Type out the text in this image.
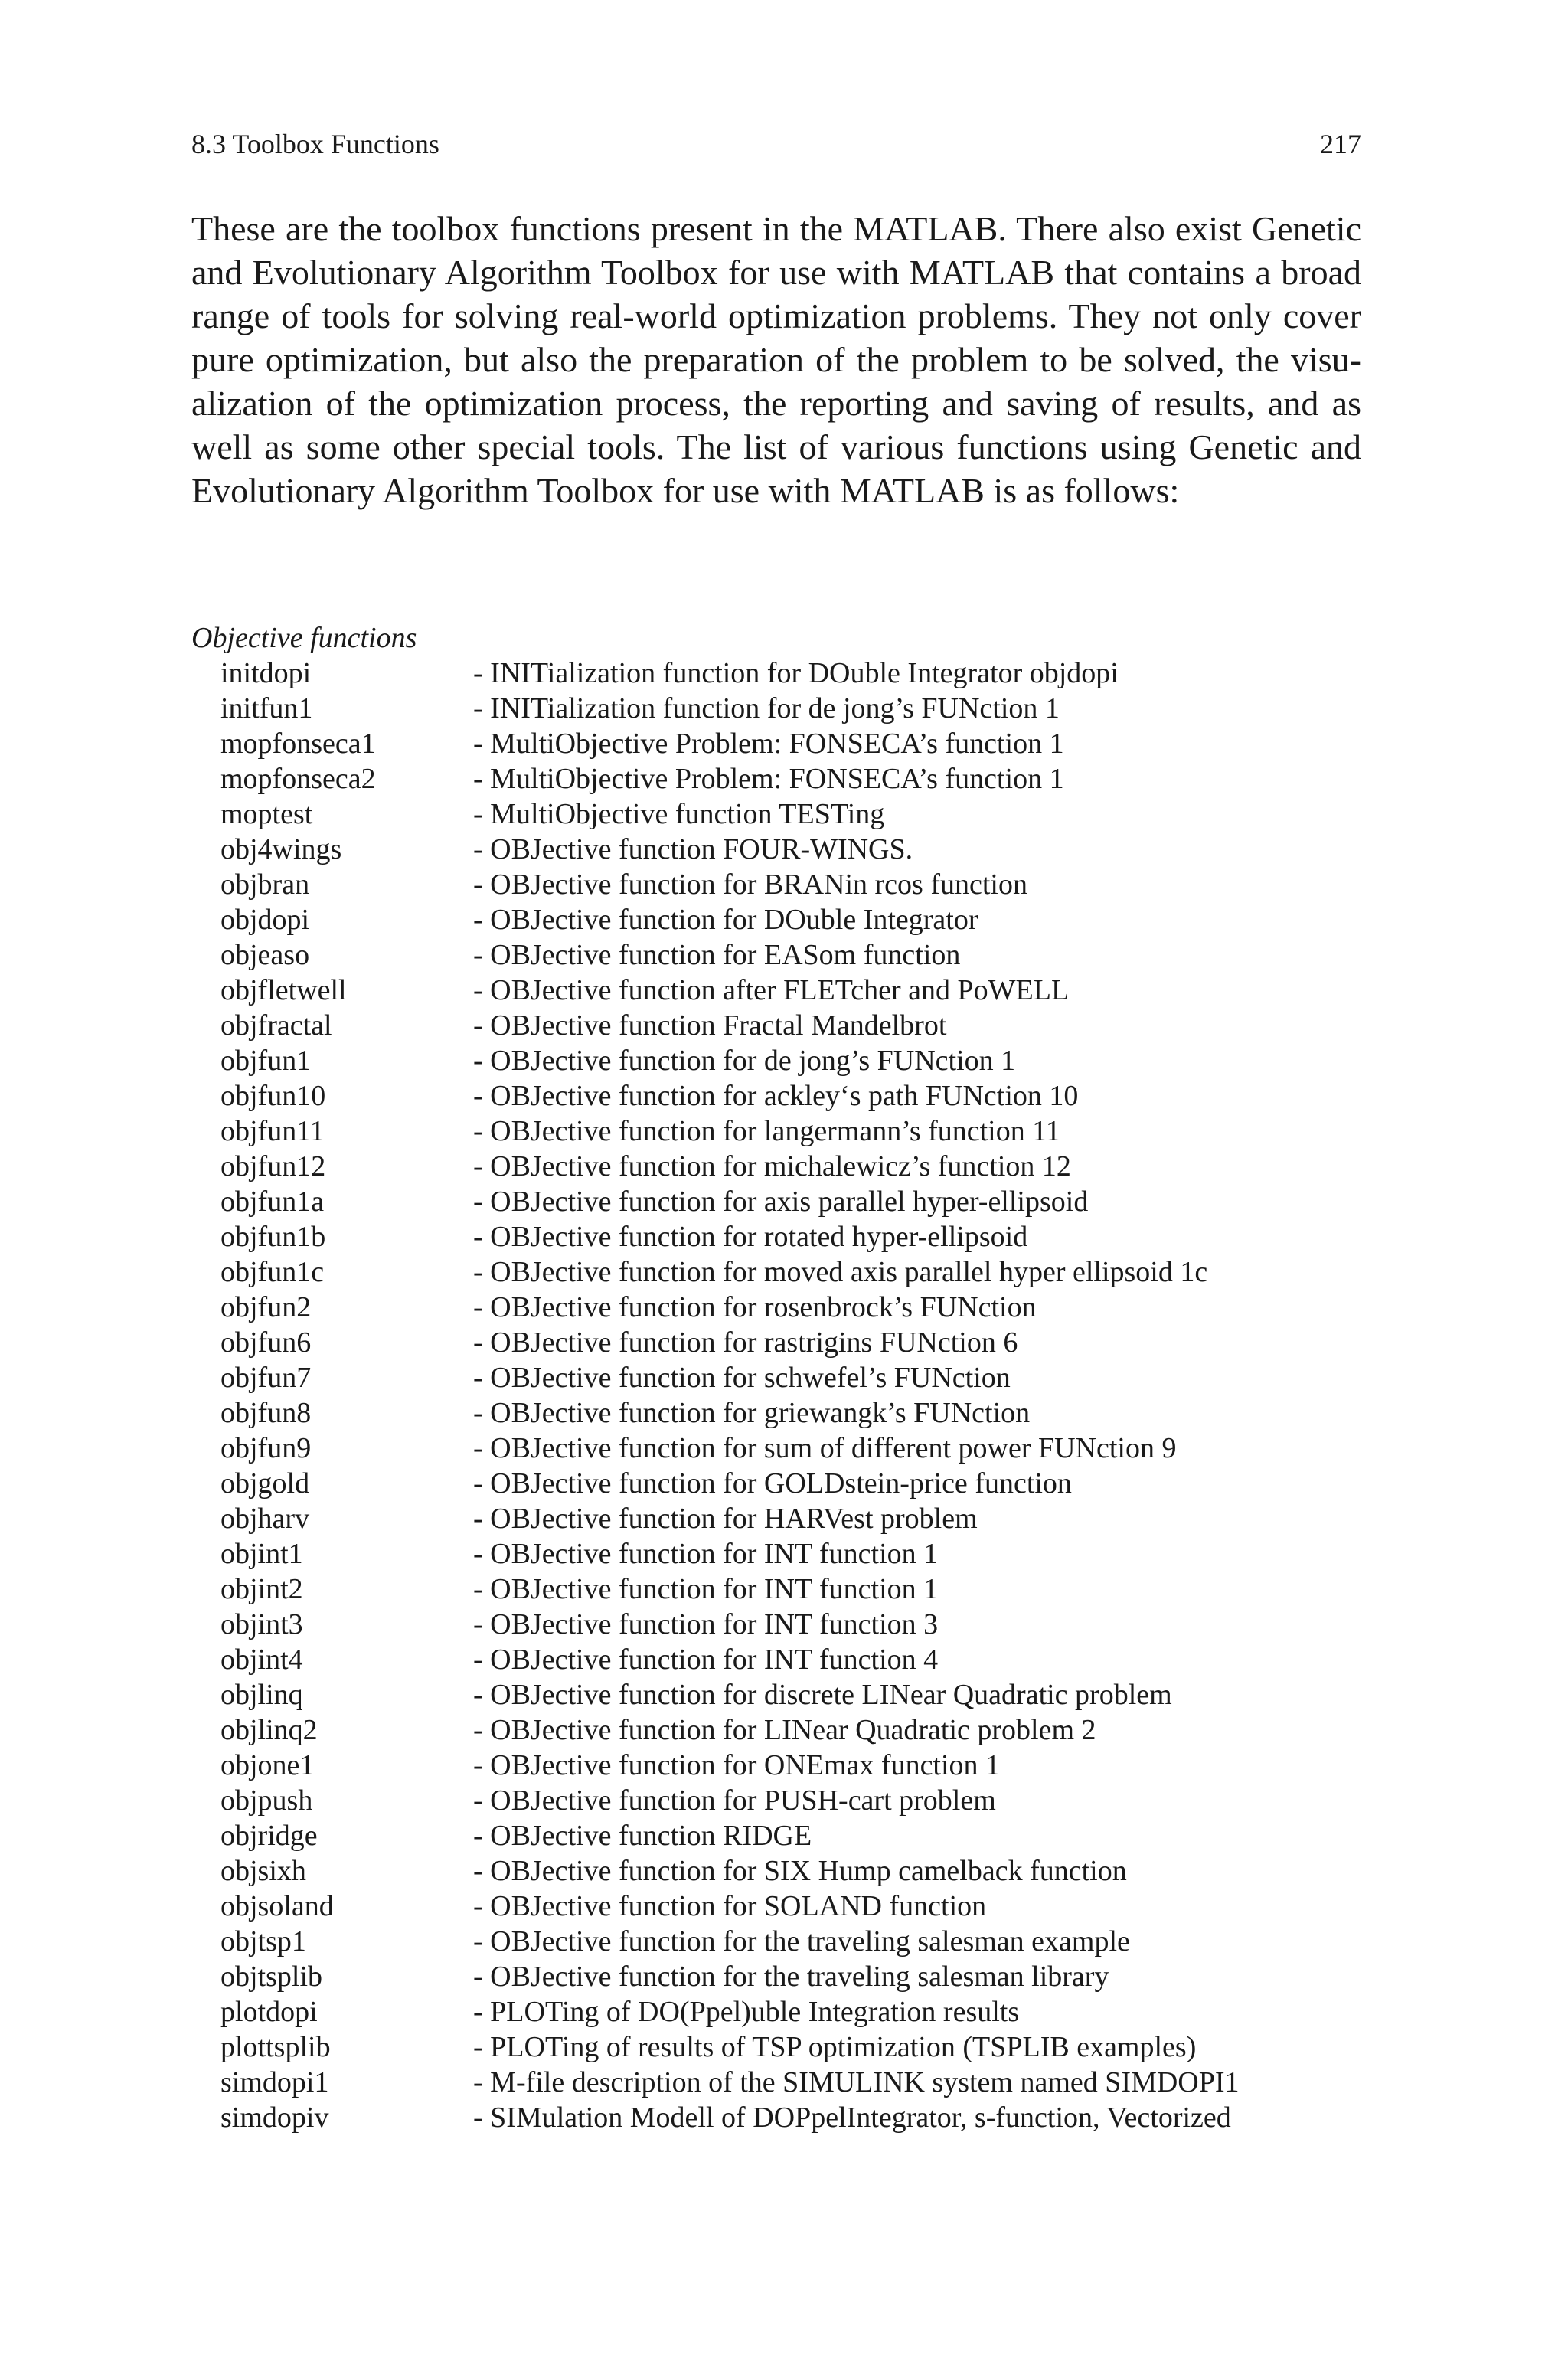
8.3 Toolbox Functions	217

These are the toolbox functions present in the MATLAB. There also exist Genetic and Evolutionary Algorithm Toolbox for use with MATLAB that contains a broad range of tools for solving real-world optimization problems. They not only cover pure optimization, but also the preparation of the problem to be solved, the visualization of the optimization process, the reporting and saving of results, and as well as some other special tools. The list of various functions using Genetic and Evolutionary Algorithm Toolbox for use with MATLAB is as follows:

Objective functions
initdopi	- INITialization function for DOuble Integrator objdopi
initfun1	- INITialization function for de jong’s FUNction 1
mopfonseca1	- MultiObjective Problem: FONSECA’s function 1
mopfonseca2	- MultiObjective Problem: FONSECA’s function 1
moptest	- MultiObjective function TESTing
obj4wings	- OBJective function FOUR-WINGS.
objbran	- OBJective function for BRANin rcos function
objdopi	- OBJective function for DOuble Integrator
objeaso	- OBJective function for EASom function
objfletwell	- OBJective function after FLETcher and PoWELL
objfractal	- OBJective function Fractal Mandelbrot
objfun1	- OBJective function for de jong’s FUNction 1
objfun10	- OBJective function for ackley‘s path FUNction 10
objfun11	- OBJective function for langermann’s function 11
objfun12	- OBJective function for michalewicz’s function 12
objfun1a	- OBJective function for axis parallel hyper-ellipsoid
objfun1b	- OBJective function for rotated hyper-ellipsoid
objfun1c	- OBJective function for moved axis parallel hyper ellipsoid 1c
objfun2	- OBJective function for rosenbrock’s FUNction
objfun6	- OBJective function for rastrigins FUNction 6
objfun7	- OBJective function for schwefel’s FUNction
objfun8	- OBJective function for griewangk’s FUNction
objfun9	- OBJective function for sum of different power FUNction 9
objgold	- OBJective function for GOLDstein-price function
objharv	- OBJective function for HARVest problem
objint1	- OBJective function for INT function 1
objint2	- OBJective function for INT function 1
objint3	- OBJective function for INT function 3
objint4	- OBJective function for INT function 4
objlinq	- OBJective function for discrete LINear Quadratic problem
objlinq2	- OBJective function for LINear Quadratic problem 2
objone1	- OBJective function for ONEmax function 1
objpush	- OBJective function for PUSH-cart problem
objridge	- OBJective function RIDGE
objsixh	- OBJective function for SIX Hump camelback function
objsoland	- OBJective function for SOLAND function
objtsp1	- OBJective function for the traveling salesman example
objtsplib	- OBJective function for the traveling salesman library
plotdopi	- PLOTing of DO(Ppel)uble Integration results
plottsplib	- PLOTing of results of TSP optimization (TSPLIB examples)
simdopi1	- M-file description of the SIMULINK system named SIMDOPI1
simdopiv	- SIMulation Modell of DOPpelIntegrator, s-function, Vectorized
